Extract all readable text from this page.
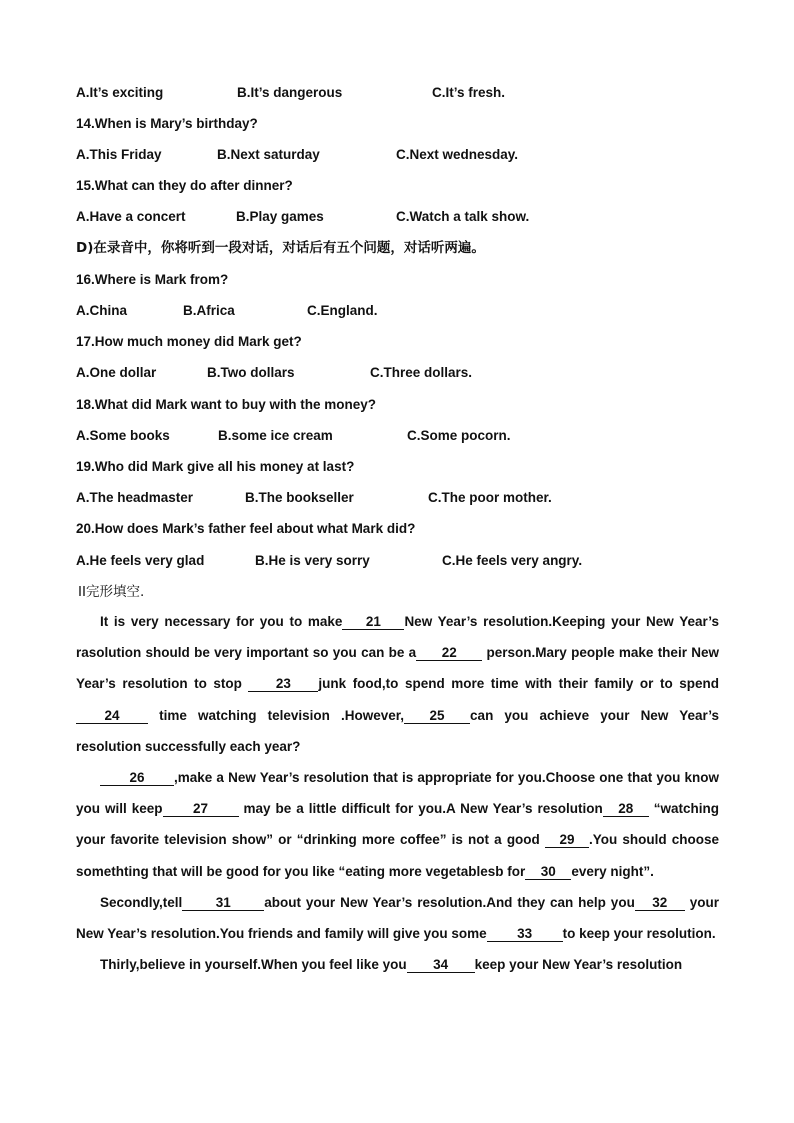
A.It’s exciting	B.It’s dangerous	C.It’s fresh.
14.When is Mary’s birthday?
A.This Friday	B.Next saturday	C.Next wednesday.
15.What can they do after dinner?
A.Have a concert	B.Play games	C.Watch a talk show.
D)在录音中，你将听到一段对话，对话后有五个问题，对话听两遍。
16.Where is Mark from?
A.China	B.Africa	C.England.
17.How much money did Mark get?
A.One dollar	B.Two dollars	C.Three dollars.
18.What did Mark want to buy with the money?
A.Some books	B.some ice cream	C.Some pocorn.
19.Who did Mark give all his money at last?
A.The headmaster	B.The bookseller	C.The poor mother.
20.How does Mark’s father feel about what Mark did?
A.He feels very glad	B.He is very sorry	C.He feels very angry.
II完形填空.

It is very necessary for you to make 21 New Year’s resolution.Keeping your New Year’s rasolution should be very important so you can be a 22 person.Mary people make their New Year’s resolution to stop	23 junk food,to spend more time with their family or to spend24	time watching television .However, 25 can you achieve your New Year’s resolution successfully each year?

26 ,make a New Year’s resolution that is appropriate for you.Choose one that you know you will keep 27	may be a little difficult for you.A New Year’s resolution 28 “watching your favorite television show” or “drinking more coffee” is not a good 29 .You should choose somethting that will be good for you like “eating more vegetablesb for 30 every night”.

Secondly,tell 31 about your New Year’s resolution.And they can help you 32 your New Year’s resolution.You friends and family will give you some 33 to keep your resolution.

Thirly,believe in yourself.When you feel like you 34 keep your New Year’s resolution
